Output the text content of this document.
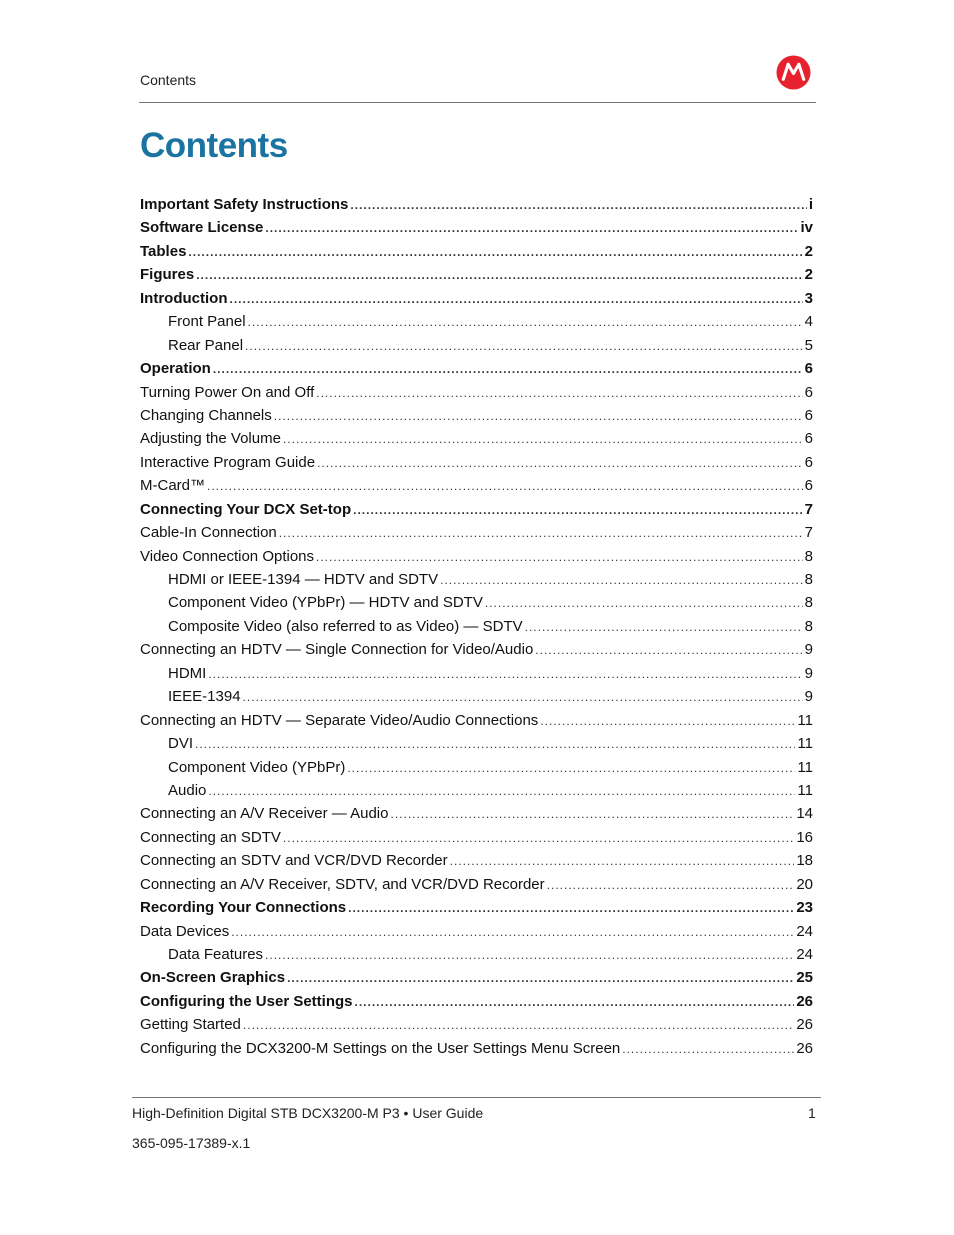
Contents
Contents
Important Safety Instructions .....	i
Software License .....	iv
Tables .....	2
Figures .....	2
Introduction .....	3
Front Panel .....	4
Rear Panel .....	5
Operation .....	6
Turning Power On and Off .....	6
Changing Channels .....	6
Adjusting the Volume .....	6
Interactive Program Guide .....	6
M-Card™ .....	6
Connecting Your DCX Set-top .....	7
Cable-In Connection .....	7
Video Connection Options .....	8
HDMI or IEEE-1394 — HDTV and SDTV .....	8
Component Video (YPbPr) — HDTV and SDTV .....	8
Composite Video (also referred to as Video) — SDTV .....	8
Connecting an HDTV — Single Connection for Video/Audio .....	9
HDMI .....	9
IEEE-1394 .....	9
Connecting an HDTV — Separate Video/Audio Connections .....	11
DVI .....	11
Component Video (YPbPr) .....	11
Audio .....	11
Connecting an A/V Receiver — Audio .....	14
Connecting an SDTV .....	16
Connecting an SDTV and VCR/DVD Recorder .....	18
Connecting an A/V Receiver, SDTV, and VCR/DVD Recorder .....	20
Recording Your Connections .....	23
Data Devices .....	24
Data Features .....	24
On-Screen Graphics .....	25
Configuring the User Settings .....	26
Getting Started .....	26
Configuring the DCX3200-M Settings on the User Settings Menu Screen .....	26
High-Definition Digital STB DCX3200-M P3 • User Guide	1
365-095-17389-x.1
